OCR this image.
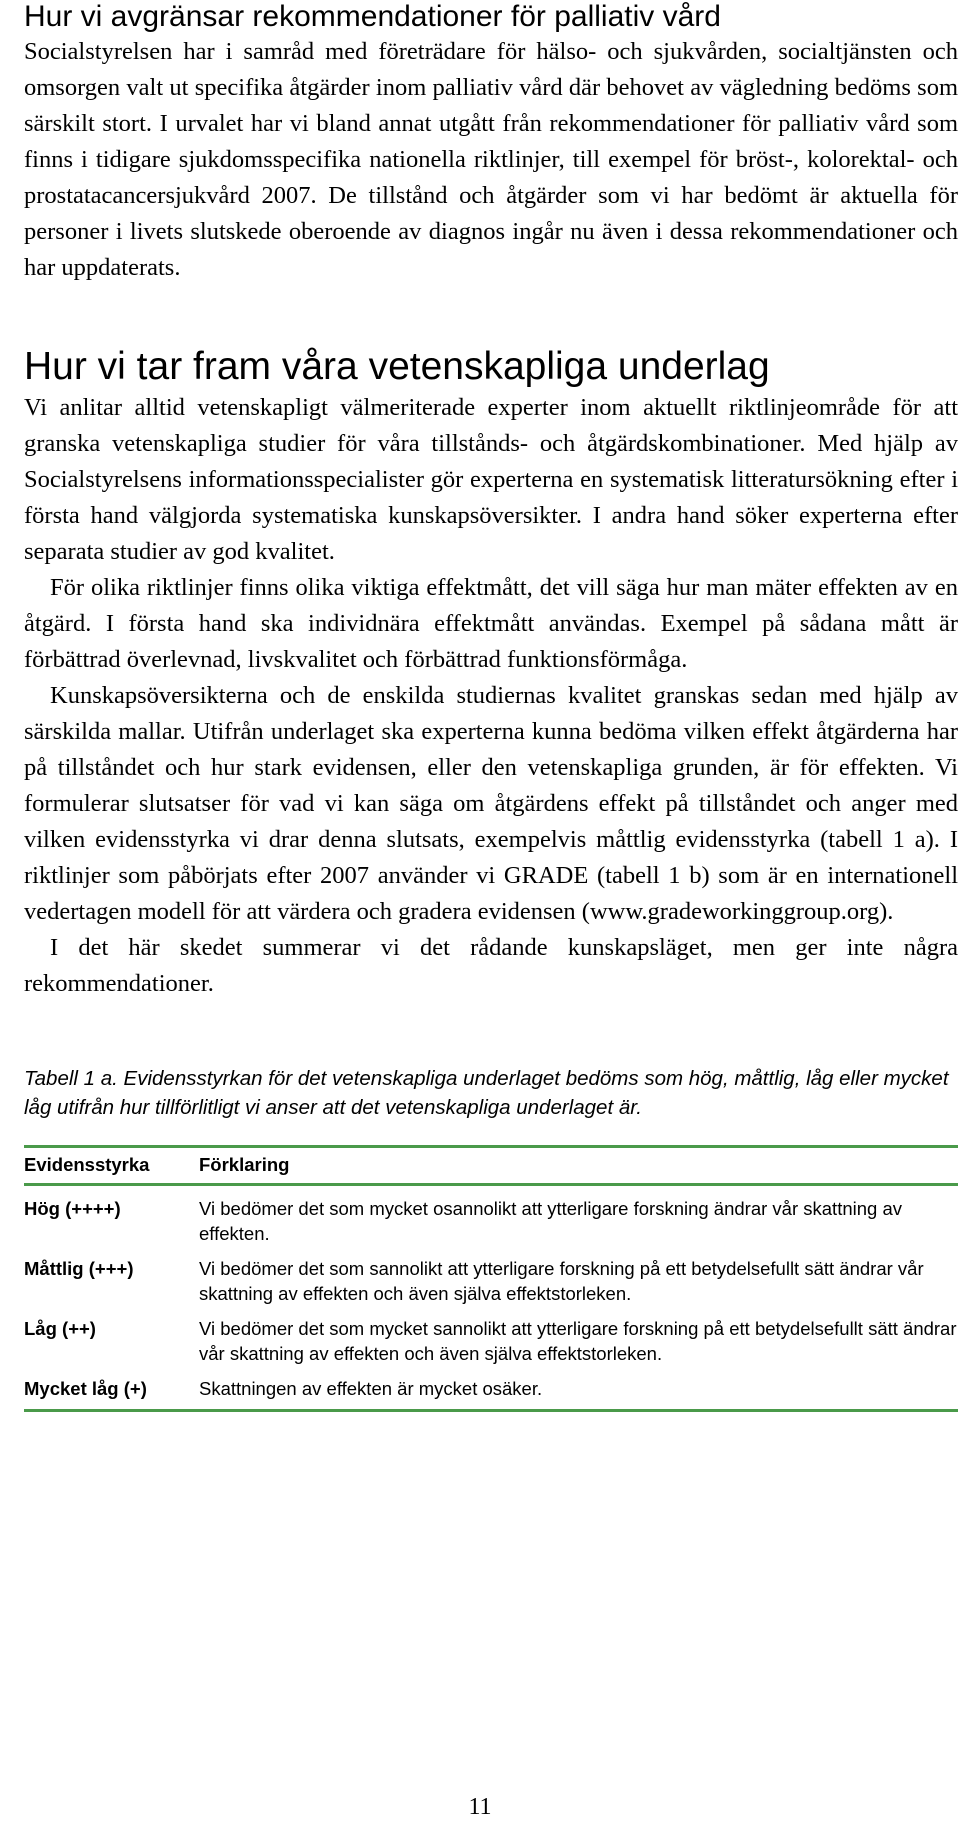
Hur vi avgränsar rekommendationer för palliativ vård

Socialstyrelsen har i samråd med företrädare för hälso- och sjukvården, socialtjänsten och omsorgen valt ut specifika åtgärder inom palliativ vård där behovet av vägledning bedöms som särskilt stort. I urvalet har vi bland annat utgått från rekommendationer för palliativ vård som finns i tidigare sjukdomsspecifika nationella riktlinjer, till exempel för bröst-, kolorektal- och prostatacancersjukvård 2007. De tillstånd och åtgärder som vi har bedömt är aktuella för personer i livets slutskede oberoende av diagnos ingår nu även i dessa rekommendationer och har uppdaterats.

Hur vi tar fram våra vetenskapliga underlag

Vi anlitar alltid vetenskapligt välmeriterade experter inom aktuellt riktlinjeområde för att granska vetenskapliga studier för våra tillstånds- och åtgärdskombinationer. Med hjälp av Socialstyrelsens informationsspecialister gör experterna en systematisk litteratursökning efter i första hand välgjorda systematiska kunskapsöversikter. I andra hand söker experterna efter separata studier av god kvalitet.

För olika riktlinjer finns olika viktiga effektmått, det vill säga hur man mäter effekten av en åtgärd. I första hand ska individnära effektmått användas. Exempel på sådana mått är förbättrad överlevnad, livskvalitet och förbättrad funktionsförmåga.

Kunskapsöversikterna och de enskilda studiernas kvalitet granskas sedan med hjälp av särskilda mallar. Utifrån underlaget ska experterna kunna bedöma vilken effekt åtgärderna har på tillståndet och hur stark evidensen, eller den vetenskapliga grunden, är för effekten. Vi formulerar slutsatser för vad vi kan säga om åtgärdens effekt på tillståndet och anger med vilken evidensstyrka vi drar denna slutsats, exempelvis måttlig evidensstyrka (tabell 1 a). I riktlinjer som påbörjats efter 2007 använder vi GRADE (tabell 1 b) som är en internationell vedertagen modell för att värdera och gradera evidensen (www.gradeworkinggroup.org).

I det här skedet summerar vi det rådande kunskapsläget, men ger inte några rekommendationer.

Tabell 1 a. Evidensstyrkan för det vetenskapliga underlaget bedöms som hög, måttlig, låg eller mycket låg utifrån hur tillförlitligt vi anser att det vetenskapliga underlaget är.
Evidensstyrka	Förklaring
Hög (++++)	Vi bedömer det som mycket osannolikt att ytterligare forskning ändrar vår skattning av effekten.
Måttlig (+++)	Vi bedömer det som sannolikt att ytterligare forskning på ett betydelsefullt sätt ändrar vår skattning av effekten och även själva effektstorleken.
Låg (++)	Vi bedömer det som mycket sannolikt att ytterligare forskning på ett betydelsefullt sätt ändrar vår skattning av effekten och även själva effektstorleken.
Mycket låg (+)	Skattningen av effekten är mycket osäker.
11
